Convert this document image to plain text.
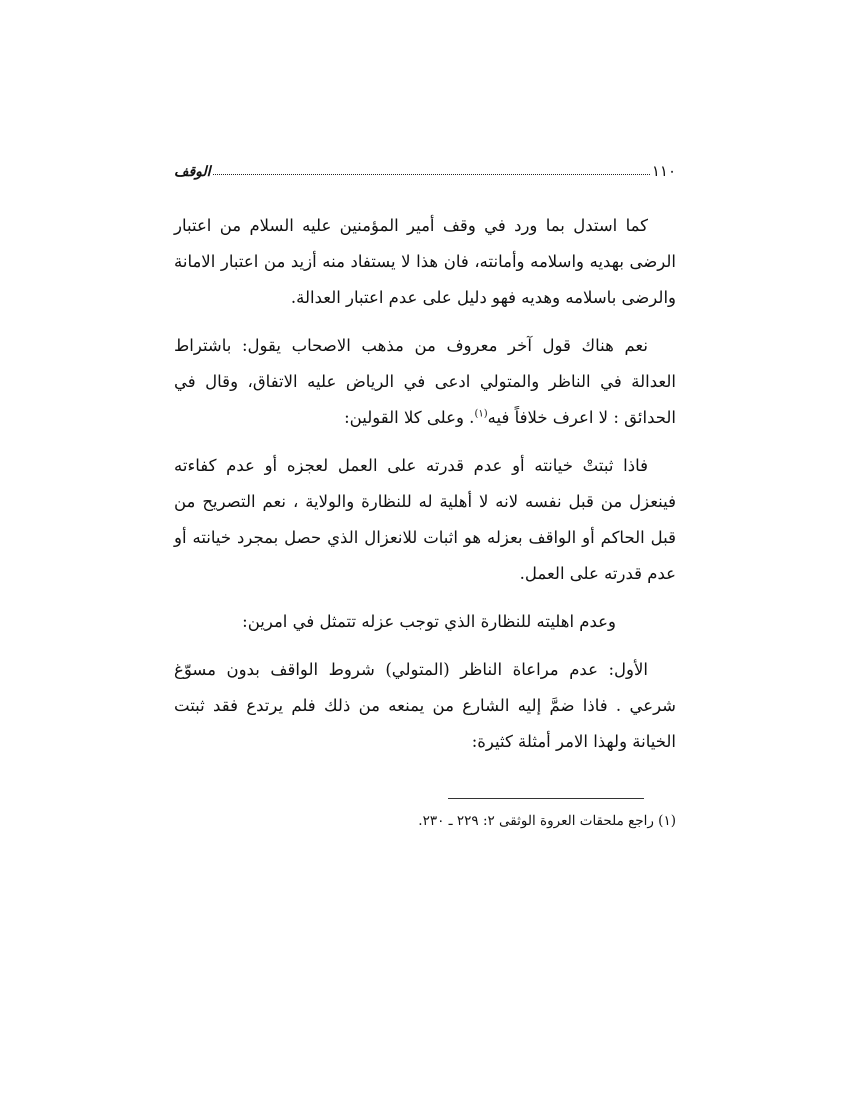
١١٠
الوقف

كما استدل بما ورد في وقف أمير المؤمنين عليه السلام من اعتبار الرضى بهديه واسلامه وأمانته، فان هذا لا يستفاد منه أزيد من اعتبار الامانة والرضى باسلامه وهديه فهو دليل على عدم اعتبار العدالة.

نعم هناك قول آخر معروف من مذهب الاصحاب يقول: باشتراط العدالة في الناظر والمتولي ادعى في الرياض عليه الاتفاق، وقال في الحدائق : لا اعرف خلافاً فيه$^{(١)}$. وعلى كلا القولين:

فاذا ثبتتْ خيانته أو عدم قدرته على العمل لعجزه أو عدم كفاءته فينعزل من قبل نفسه لانه لا أهلية له للنظارة والولاية ، نعم التصريح من قبل الحاكم أو الواقف بعزله هو اثبات للانعزال الذي حصل بمجرد خيانته أو عدم قدرته على العمل.

وعدم اهليته للنظارة الذي توجب عزله تتمثل في امرين:

الأول: عدم مراعاة الناظر (المتولي) شروط الواقف بدون مسوّغ شرعي . فاذا ضمَّ إليه الشارع من يمنعه من ذلك فلم يرتدع فقد ثبتت الخيانة ولهذا الامر أمثلة كثيرة:

(١) راجع ملحقات العروة الوثقى ٢: ٢٢٩ ـ ٢٣٠.
